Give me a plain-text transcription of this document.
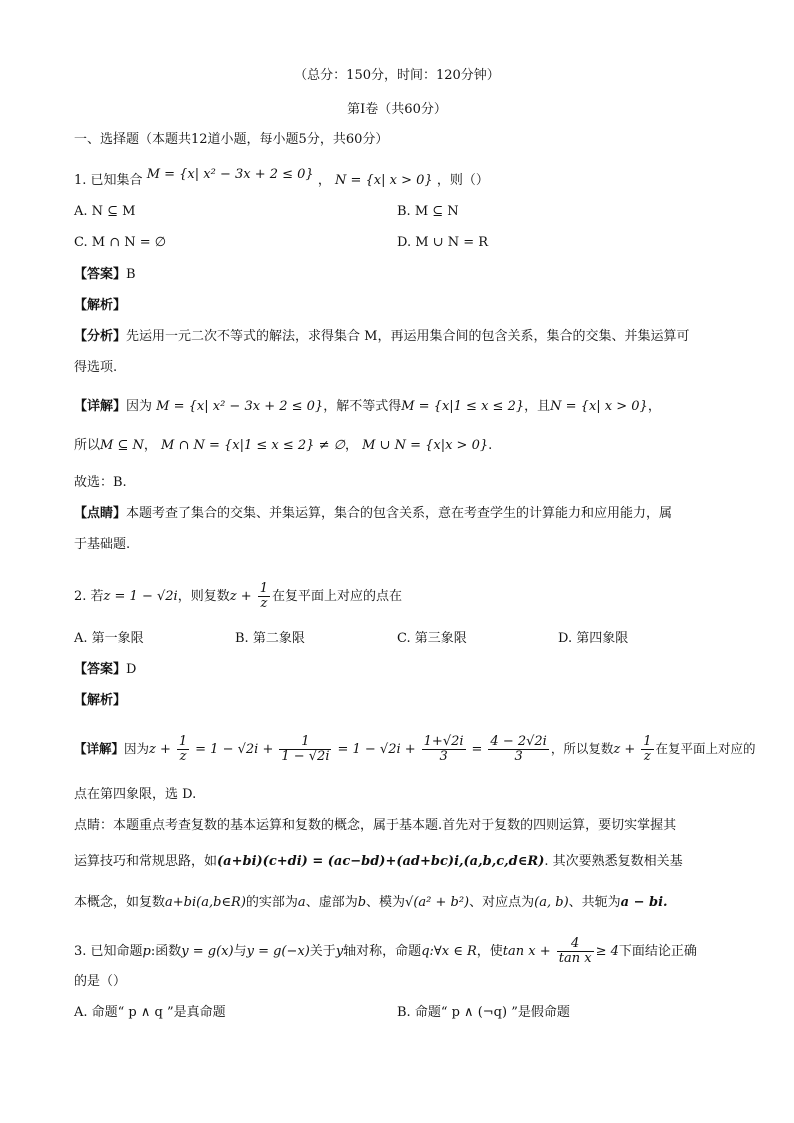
（总分：150分，时间：120分钟）
第Ⅰ卷（共60分）
一、选择题（本题共12道小题，每小题5分，共60分）
1. 已知集合 M = {x| x² − 3x + 2 ≤ 0} ， N = {x| x > 0} ，则（）
A. N ⊆ M	B. M ⊆ N
C. M ∩ N = ∅	D. M ∪ N = R
【答案】B
【解析】
【分析】先运用一元二次不等式的解法，求得集合 M，再运用集合间的包含关系，集合的交集、并集运算可
得选项.
【详解】因为 M = {x| x² − 3x + 2 ≤ 0}，解不等式得M = {x|1 ≤ x ≤ 2}，且N = {x| x > 0}，
所以M ⊆ N， M ∩ N = {x|1 ≤ x ≤ 2} ≠ ∅， M ∪ N = {x|x > 0}.
故选：B.
【点睛】本题考查了集合的交集、并集运算，集合的包含关系，意在考查学生的计算能力和应用能力，属
于基础题.
2. 若z = 1 − √2i，则复数$z + \frac{1}{z}$ 在复平面上对应的点在
A. 第一象限	B. 第二象限	C. 第三象限	D. 第四象限
【答案】D
【解析】
【详解】因为$z + \frac{1}{z} = 1 - √2i + \frac{1}{1 - √2i} = 1 - √2i + \frac{1+√2i}{3} = \frac{4 - 2√2i}{3}$ ，所以复数$z + \frac{1}{z}$ 在复平面上对应的
点在第四象限，选 D.
点睛：本题重点考查复数的基本运算和复数的概念，属于基本题.首先对于复数的四则运算，要切实掌握其
运算技巧和常规思路，如(a+bi)(c+di) = (ac−bd)+(ad+bc)i,(a,b,c,d∈R). 其次要熟悉复数相关基
本概念，如复数a+bi(a,b∈R)的实部为a、虚部为b、模为√(a² + b²)、对应点为(a, b)、共轭为a − bi.
3. 已知命题p:函数y = g(x)与y = g(−x)关于y轴对称，命题q:∀x ∈ R，使$\tan x + \frac{4}{\text{tan x}} \ge 4$下面结论正确
的是（）
A. 命题“ p ∧ q ”是真命题	B. 命题“ p ∧ (¬q) ”是假命题
